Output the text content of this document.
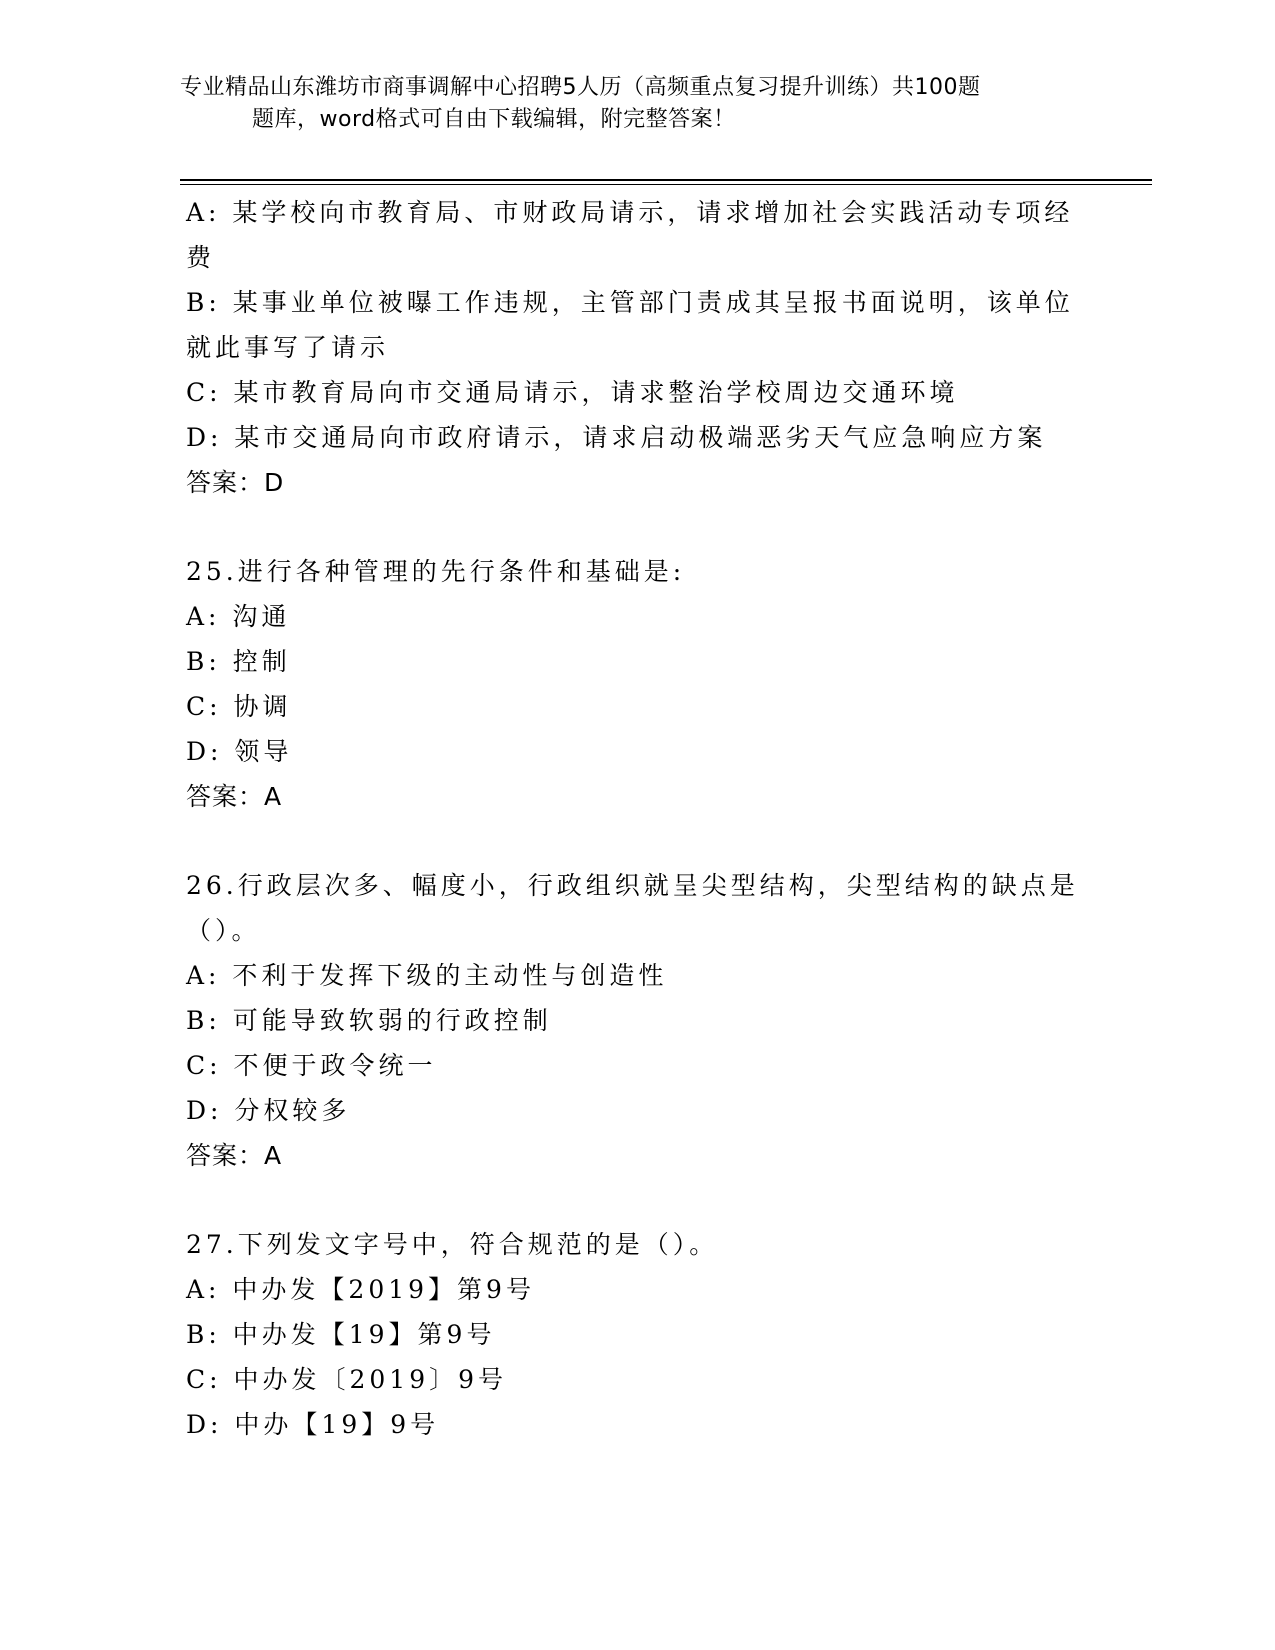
专业精品山东潍坊市商事调解中心招聘5人历（高频重点复习提升训练）共100题
题库，word格式可自由下载编辑，附完整答案！

A: 某学校向市教育局、市财政局请示，请求增加社会实践活动专项经

费

B: 某事业单位被曝工作违规，主管部门责成其呈报书面说明，该单位

就此事写了请示

C: 某市教育局向市交通局请示，请求整治学校周边交通环境

D: 某市交通局向市政府请示，请求启动极端恶劣天气应急响应方案

答案：D

25.进行各种管理的先行条件和基础是:

A: 沟通

B: 控制

C: 协调

D: 领导

答案：A

26.行政层次多、幅度小，行政组织就呈尖型结构，尖型结构的缺点是

（）。

A: 不利于发挥下级的主动性与创造性

B: 可能导致软弱的行政控制

C: 不便于政令统一

D: 分权较多

答案：A

27.下列发文字号中，符合规范的是（）。

A: 中办发【2019】第9号

B: 中办发【19】第9号

C: 中办发〔2019〕9号

D: 中办【19】9号
